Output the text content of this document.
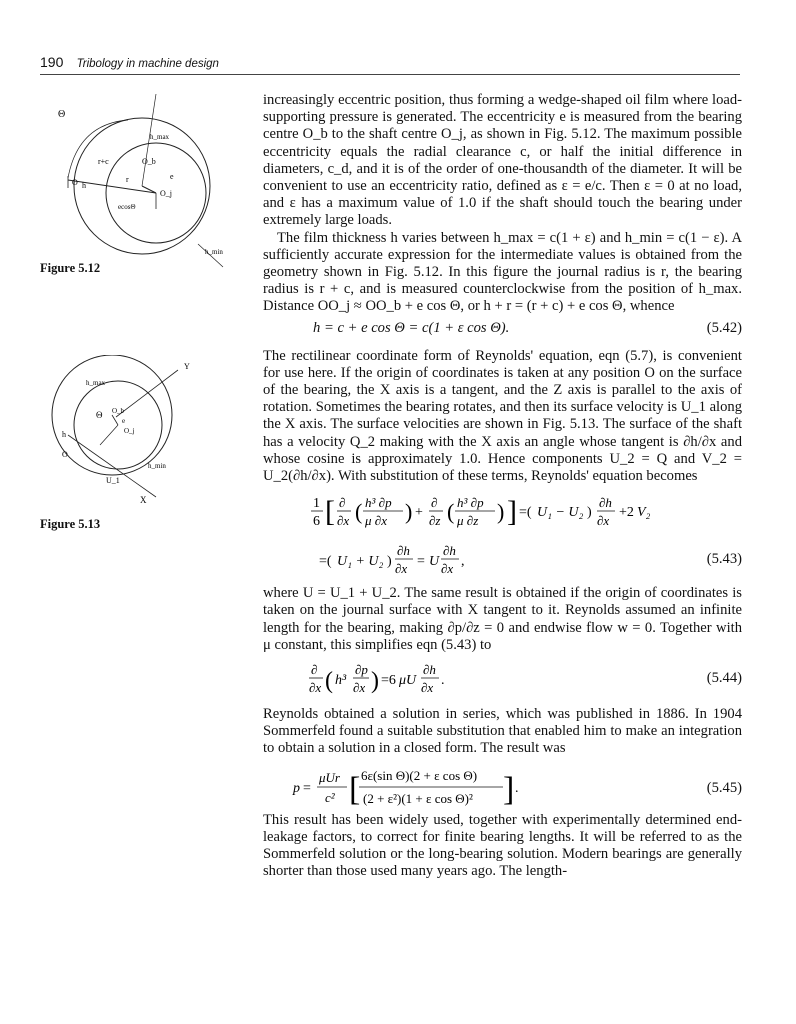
190 Tribology in machine design
Θ
h_max
r+c	O_b
e
O h
r
O_j
ecosΘ
h_min
Figure 5.12
h_max
Y
Θ O_b
e
O_j
h
O
h_min
U_1
X
Figure 5.13

increasingly eccentric position, thus forming a wedge-shaped oil film where load-supporting pressure is generated. The eccentricity e is measured from the bearing centre O_b to the shaft centre O_j, as shown in Fig. 5.12. The maximum possible eccentricity equals the radial clearance c, or half the initial difference in diameters, c_d, and it is of the order of one-thousandth of the diameter. It will be convenient to use an eccentricity ratio, defined as ε = e/c. Then ε = 0 at no load, and ε has a maximum value of 1.0 if the shaft should touch the bearing under extremely large loads.

The film thickness h varies between h_max = c(1 + ε) and h_min = c(1 − ε). A sufficiently accurate expression for the intermediate values is obtained from the geometry shown in Fig. 5.12. In this figure the journal radius is r, the bearing radius is r + c, and is measured counterclockwise from the position of h_max. Distance OO_j ≈ OO_b + e cos Θ, or h + r = (r + c) + e cos Θ, whence

h = c + e cos Θ = c(1 + ε cos Θ).	(5.42)

The rectilinear coordinate form of Reynolds' equation, eqn (5.7), is convenient for use here. If the origin of coordinates is taken at any position O on the surface of the bearing, the X axis is a tangent, and the Z axis is parallel to the axis of rotation. Sometimes the bearing rotates, and then its surface velocity is U_1 along the X axis. The surface velocities are shown in Fig. 5.13. The surface of the shaft has a velocity Q_2 making with the X axis an angle whose tangent is ∂h/∂x and whose cosine is approximately 1.0. Hence components U_2 = Q and V_2 = U_2(∂h/∂x). With substitution of these terms, Reynolds' equation becomes

1
6 [ ∂
∂x ( h³ ∂p
μ ∂x ) +
∂
∂z ( h³ ∂p
μ ∂z ) ] =( U₁ − U₂ )
∂h
∂x
+2 V₂
=( U₁ + U₂ )
∂h
∂x = U
∂h
∂x ,	(5.43)

where U = U_1 + U_2. The same result is obtained if the origin of coordinates is taken on the journal surface with X tangent to it. Reynolds assumed an infinite length for the bearing, making ∂p/∂z = 0 and endwise flow w = 0. Together with μ constant, this simplifies eqn (5.43) to

∂
∂x ( h³
∂p
∂x ) =6 μU
∂h
∂x .	(5.44)

Reynolds obtained a solution in series, which was published in 1886. In 1904 Sommerfeld found a suitable substitution that enabled him to make an integration to obtain a solution in a closed form. The result was

p =
μUr
c² [ 6ε(sin Θ)(2 + ε cos Θ)
(2 + ε²)(1 + ε cos Θ)² ] .	(5.45)

This result has been widely used, together with experimentally determined end-leakage factors, to correct for finite bearing lengths. It will be referred to as the Sommerfeld solution or the long-bearing solution. Modern bearings are generally shorter than those used many years ago. The length-
